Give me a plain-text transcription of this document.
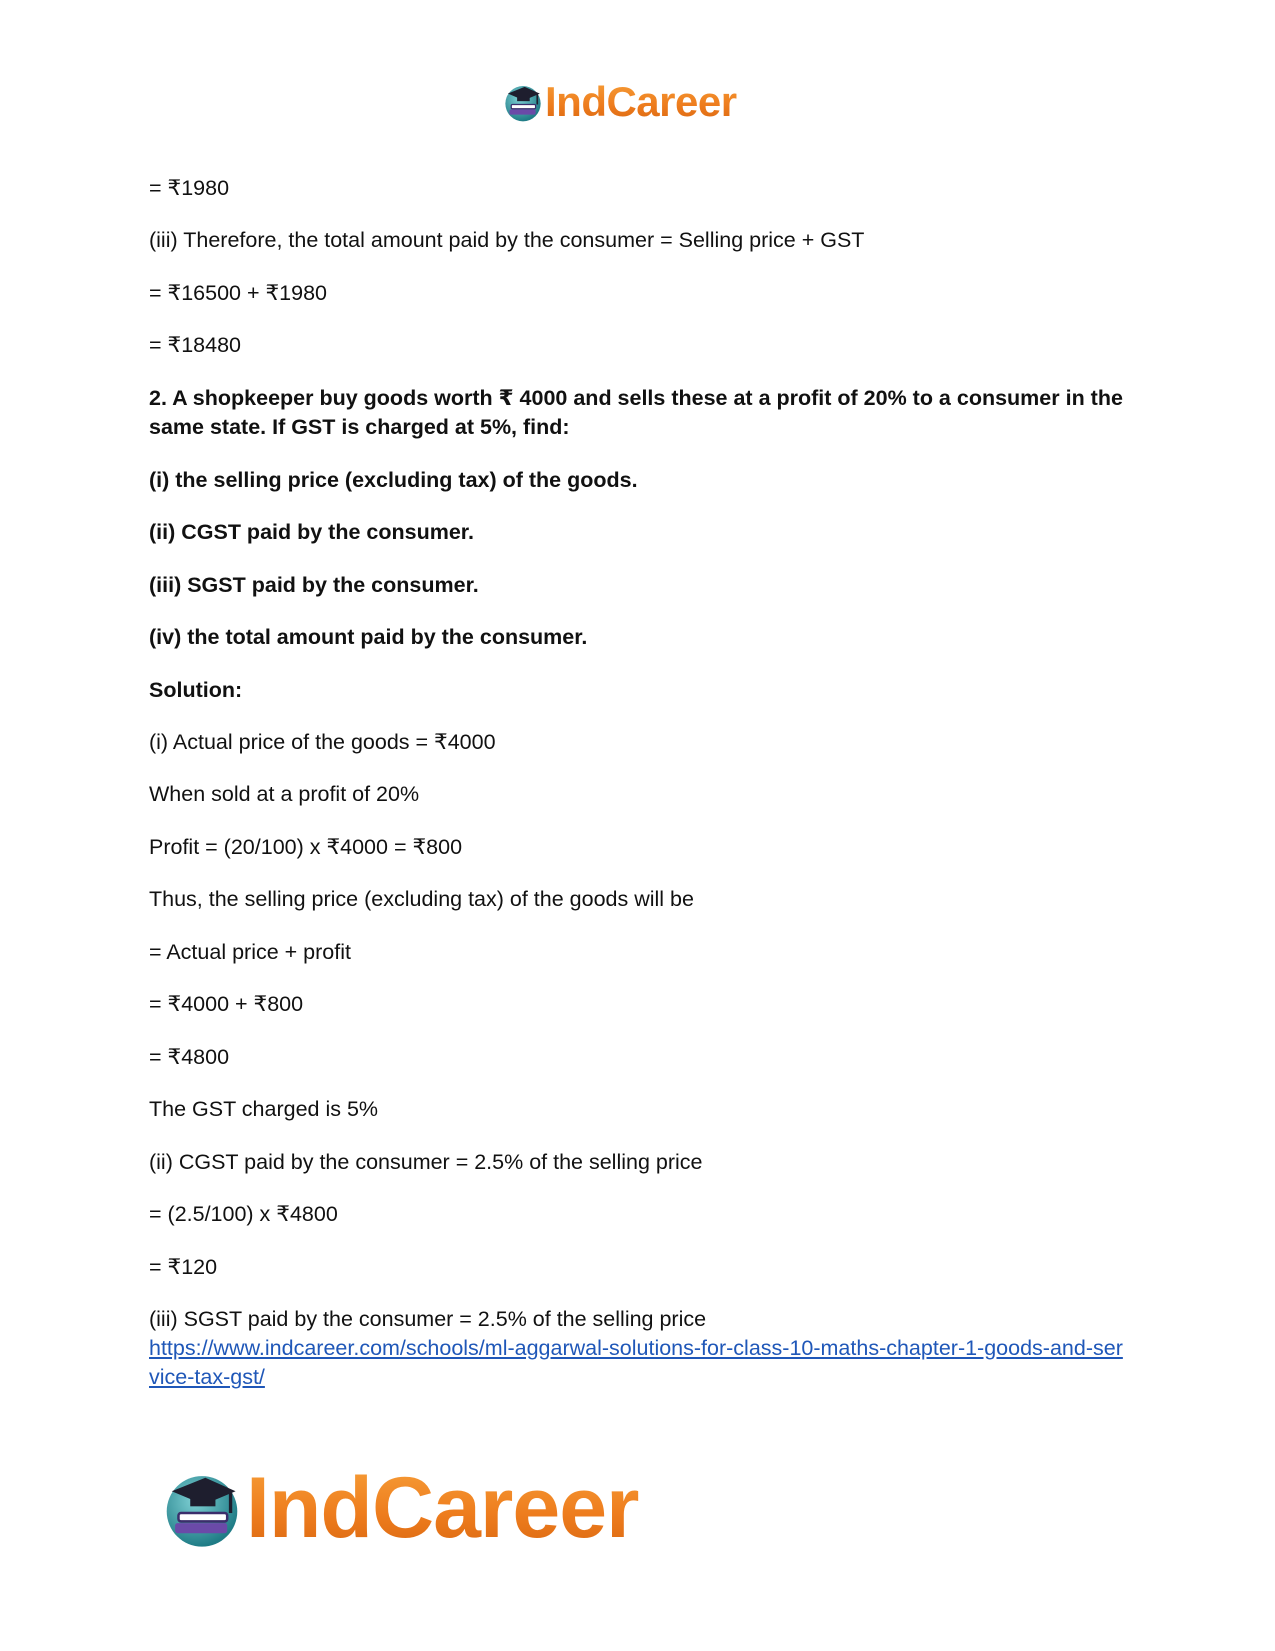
IndCareer
= ₹1980
(iii) Therefore, the total amount paid by the consumer = Selling price + GST
= ₹16500 + ₹1980
= ₹18480
2. A shopkeeper buy goods worth ₹ 4000 and sells these at a profit of 20% to a consumer in the same state. If GST is charged at 5%, find:
(i) the selling price (excluding tax) of the goods.
(ii) CGST paid by the consumer.
(iii) SGST paid by the consumer.
(iv) the total amount paid by the consumer.
Solution:
(i) Actual price of the goods = ₹4000
When sold at a profit of 20%
Profit = (20/100) x ₹4000 = ₹800
Thus, the selling price (excluding tax) of the goods will be
= Actual price + profit
= ₹4000 + ₹800
= ₹4800
The GST charged is 5%
(ii) CGST paid by the consumer = 2.5% of the selling price
= (2.5/100) x ₹4800
= ₹120
(iii) SGST paid by the consumer = 2.5% of the selling price
https://www.indcareer.com/schools/ml-aggarwal-solutions-for-class-10-maths-chapter-1-goods-and-service-tax-gst/
IndCareer
